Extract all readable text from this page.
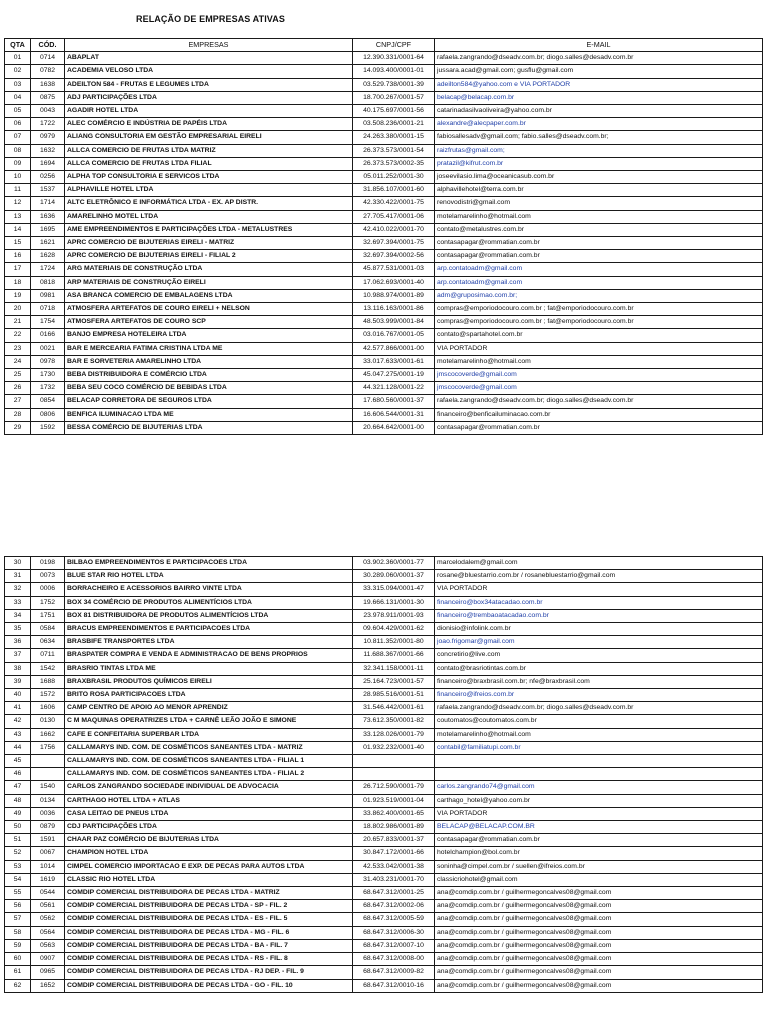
RELAÇÃO DE EMPRESAS ATIVAS
QTA	CÓD.	EMPRESAS	CNPJ/CPF	E-MAIL
01	0714	ABAPLAT	12.390.331/0001-64	rafaela.zangrando@dseadv.com.br; diogo.salles@desadv.com.br
02	0782	ACADEMIA VELOSO LTDA	14.093.400/0001-01	jussara.acad@gmail.com; gusflu@gmail.com
03	1638	ADEILTON 584 - FRUTAS E LEGUMES LTDA	03.529.738/0001-39	adeilton584@yahoo.com e VIA PORTADOR
04	0875	ADJ PARTICIPAÇÕES LTDA	18.700.267/0001-57	belacap@belacap.com.br
05	0043	AGADIR HOTEL LTDA	40.175.697/0001-56	catarinadasilvaoliveira@yahoo.com.br
06	1722	ALEC COMÉRCIO E INDÚSTRIA DE PAPÉIS LTDA	03.508.236/0001-21	alexandre@alecpaper.com.br
07	0979	ALIANG CONSULTORIA EM GESTÃO EMPRESARIAL EIRELI	24.263.380/0001-15	fabiosallesadv@gmail.com; fabio.salles@dseadv.com.br;
08	1632	ALLCA COMERCIO DE FRUTAS LTDA MATRIZ	26.373.573/0001-54	raizfrutas@gmail.com;
09	1694	ALLCA COMERCIO DE FRUTAS LTDA FILIAL	26.373.573/0002-35	pratazil@kifrut.com.br
10	0256	ALPHA TOP CONSULTORIA E SERVICOS LTDA	05.011.252/0001-30	joseevilasio.lima@oceanicasub.com.br
11	1537	ALPHAVILLE HOTEL LTDA	31.856.107/0001-60	alphavillehotel@terra.com.br
12	1714	ALTC ELETRÔNICO E INFORMÁTICA LTDA - EX. AP DISTR.	42.330.422/0001-75	renovodistri@gmail.com
13	1636	AMARELINHO MOTEL LTDA	27.705.417/0001-06	motelamarelinho@hotmail.com
14	1695	AME EMPREENDIMENTOS E PARTICIPAÇÕES LTDA - METALUSTRES	42.410.022/0001-70	contato@metalustres.com.br
15	1621	APRC COMERCIO DE BIJUTERIAS EIRELI - MATRIZ	32.697.394/0001-75	contasapagar@rommatian.com.br
16	1628	APRC COMERCIO DE BIJUTERIAS EIRELI - FILIAL 2	32.697.394/0002-56	contasapagar@rommatian.com.br
17	1724	ARG MATERIAIS DE CONSTRUÇÃO LTDA	45.877.531/0001-03	arp.contatoadm@gmail.com
18	0818	ARP MATERIAIS DE CONSTRUÇÃO EIRELI	17.062.693/0001-40	arp.contatoadm@gmail.com
19	0981	ASA BRANCA COMERCIO DE EMBALAGENS LTDA	10.988.974/0001-89	adm@gruposimao.com.br;
20	0718	ATMOSFERA ARTEFATOS DE COURO EIRELI + NELSON	13.116.163/0001-86	compras@emporiodocouro.com.br ; fat@emporiodocouro.com.br
21	1754	ATMOSFERA ARTEFATOS DE COURO SCP	48.503.999/0001-84	compras@emporiodocouro.com.br ; fat@emporiodocouro.com.br
22	0166	BANJO EMPRESA HOTELEIRA LTDA	03.016.767/0001-05	contato@spartahotel.com.br
23	0021	BAR E MERCEARIA FATIMA CRISTINA LTDA ME	42.577.866/0001-00	VIA PORTADOR
24	0978	BAR E SORVETERIA AMARELINHO LTDA	33.017.633/0001-61	motelamarelinho@hotmail.com
25	1730	BEBA DISTRIBUIDORA E COMÉRCIO LTDA	45.047.275/0001-19	jmscocoverde@gmail.com
26	1732	BEBA SEU COCO COMÉRCIO DE BEBIDAS LTDA	44.321.128/0001-22	jmscocoverde@gmail.com
27	0854	BELACAP CORRETORA DE SEGUROS LTDA	17.680.560/0001-37	rafaela.zangrando@dseadv.com.br; diogo.salles@dseadv.com.br
28	0806	BENFICA ILUMINACAO LTDA ME	16.606.544/0001-31	financeiro@benficailuminacao.com.br
29	1592	BESSA COMÉRCIO DE BIJUTERIAS LTDA	20.664.642/0001-00	contasapagar@rommatian.com.br
30	0198	BILBAO EMPREENDIMENTOS E PARTICIPACOES LTDA	03.902.360/0001-77	marcelodalem@gmail.com
31	0073	BLUE STAR RIO HOTEL LTDA	30.289.060/0001-37	rosane@bluestarrio.com.br / rosanebluestarrio@gmail.com
32	0006	BORRACHEIRO E ACESSORIOS BAIRRO VINTE LTDA	33.315.094/0001-47	VIA PORTADOR
33	1752	BOX 34 COMÉRCIO DE PRODUTOS ALIMENTÍCIOS LTDA	19.666.131/0001-30	financeiro@box34atacadao.com.br
34	1751	BOX 81 DISTRIBUIDORA DE PRODUTOS ALIMENTÍCIOS LTDA	23.978.911/0001-93	financeiro@trembaoatacadao.com.br
35	0584	BRACUS EMPREENDIMENTOS E PARTICIPACOES LTDA	09.604.429/0001-62	dionisio@infolink.com.br
36	0634	BRASBIFE TRANSPORTES LTDA	10.811.352/0001-80	joao.frigomar@gmail.com
37	0711	BRASPATER COMPRA E VENDA E ADMINISTRACAO DE BENS PROPRIOS	11.688.367/0001-66	concretirio@live.com
38	1542	BRASRIO TINTAS LTDA ME	32.341.158/0001-11	contato@brasriotintas.com.br
39	1688	BRAXBRASIL PRODUTOS QUÍMICOS EIRELI	25.164.723/0001-57	financeiro@braxbrasil.com.br; nfe@braxbrasil.com
40	1572	BRITO ROSA PARTICIPACOES LTDA	28.985.516/0001-51	financeiro@ifreios.com.br
41	1606	CAMP CENTRO DE APOIO AO MENOR APRENDIZ	31.546.442/0001-61	rafaela.zangrando@dseadv.com.br; diogo.salles@dseadv.com.br
42	0130	C M MAQUINAS OPERATRIZES LTDA + CARNÊ LEÃO JOÃO E SIMONE	73.612.350/0001-82	coutomatos@coutomatos.com.br
43	1662	CAFE E CONFEITARIA SUPERBAR LTDA	33.128.026/0001-79	motelamarelinho@hotmail.com
44	1756	CALLAMARYS IND. COM. DE COSMÉTICOS SANEANTES LTDA - MATRIZ	01.932.232/0001-40	contabil@familiatupi.com.br
45		CALLAMARYS IND. COM. DE COSMÉTICOS SANEANTES LTDA - FILIAL 1		
46		CALLAMARYS IND. COM. DE COSMÉTICOS SANEANTES LTDA - FILIAL 2		
47	1540	CARLOS ZANGRANDO SOCIEDADE INDIVIDUAL DE ADVOCACIA	26.712.590/0001-79	carlos.zangrando74@gmail.com
48	0134	CARTHAGO HOTEL LTDA + ATLAS	01.923.519/0001-04	carthago_hotel@yahoo.com.br
49	0036	CASA LEITAO DE PNEUS LTDA	33.862.400/0001-65	VIA PORTADOR
50	0879	CDJ PARTICIPAÇÕES LTDA	18.802.986/0001-89	BELACAP@BELACAP.COM.BR
51	1591	CHAAR PAZ COMÉRCIO DE BIJUTERIAS LTDA	20.657.833/0001-37	contasapagar@rommatian.com.br
52	0067	CHAMPION HOTEL LTDA	30.847.172/0001-66	hotelchampion@bol.com.br
53	1014	CIMPEL COMERCIO IMPORTACAO E EXP. DE PECAS PARA AUTOS LTDA	42.533.042/0001-38	soninha@cimpel.com.br / suellen@ifreios.com.br
54	1619	CLASSIC RIO HOTEL LTDA	31.403.231/0001-70	classicriohotel@gmail.com
55	0544	COMDIP COMERCIAL DISTRIBUIDORA DE PECAS LTDA - MATRIZ	68.647.312/0001-25	ana@comdip.com.br / guilhermegoncalves08@gmail.com
56	0561	COMDIP COMERCIAL DISTRIBUIDORA DE PECAS LTDA - SP - FIL. 2	68.647.312/0002-06	ana@comdip.com.br / guilhermegoncalves08@gmail.com
57	0562	COMDIP COMERCIAL DISTRIBUIDORA DE PECAS LTDA - ES - FIL. 5	68.647.312/0005-59	ana@comdip.com.br / guilhermegoncalves08@gmail.com
58	0564	COMDIP COMERCIAL DISTRIBUIDORA DE PECAS LTDA - MG - FIL. 6	68.647.312/0006-30	ana@comdip.com.br / guilhermegoncalves08@gmail.com
59	0563	COMDIP COMERCIAL DISTRIBUIDORA DE PECAS LTDA - BA - FIL. 7	68.647.312/0007-10	ana@comdip.com.br / guilhermegoncalves08@gmail.com
60	0907	COMDIP COMERCIAL DISTRIBUIDORA DE PECAS LTDA - RS - FIL. 8	68.647.312/0008-00	ana@comdip.com.br / guilhermegoncalves08@gmail.com
61	0965	COMDIP COMERCIAL DISTRIBUIDORA DE PECAS LTDA - RJ DEP. - FIL. 9	68.647.312/0009-82	ana@comdip.com.br / guilhermegoncalves08@gmail.com
62	1652	COMDIP COMERCIAL DISTRIBUIDORA DE PECAS LTDA - GO - FIL. 10	68.647.312/0010-16	ana@comdip.com.br / guilhermegoncalves08@gmail.com
